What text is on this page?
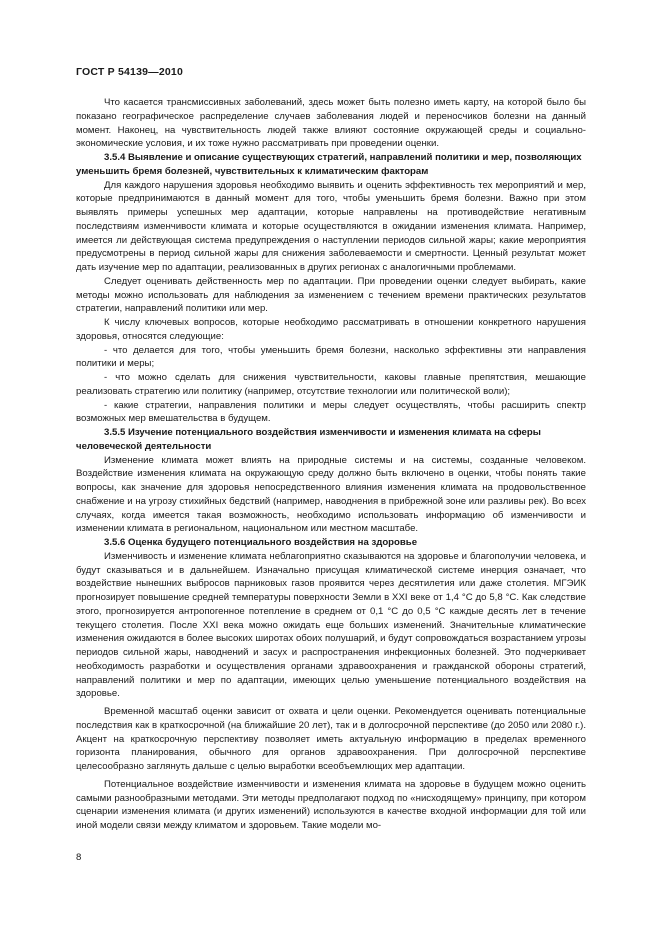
ГОСТ Р 54139—2010

Что касается трансмиссивных заболеваний, здесь может быть полезно иметь карту, на которой было бы показано географическое распределение случаев заболевания людей и переносчиков болезни на данный момент. Наконец, на чувствительность людей также влияют состояние окружающей среды и социально-экономические условия, и их тоже нужно рассматривать при проведении оценки.

3.5.4 Выявление и описание существующих стратегий, направлений политики и мер, позволяющих уменьшить бремя болезней, чувствительных к климатическим факторам

Для каждого нарушения здоровья необходимо выявить и оценить эффективность тех мероприятий и мер, которые предпринимаются в данный момент для того, чтобы уменьшить бремя болезни. Важно при этом выявлять примеры успешных мер адаптации, которые направлены на противодействие негативным последствиям изменчивости климата и которые осуществляются в ожидании изменения климата. Например, имеется ли действующая система предупреждения о наступлении периодов сильной жары; какие мероприятия предусмотрены в период сильной жары для снижения заболеваемости и смертности. Ценный результат может дать изучение мер по адаптации, реализованных в других регионах с аналогичными проблемами.

Следует оценивать действенность мер по адаптации. При проведении оценки следует выбирать, какие методы можно использовать для наблюдения за изменением с течением времени практических результатов стратегии, направлений политики или мер.

К числу ключевых вопросов, которые необходимо рассматривать в отношении конкретного нарушения здоровья, относятся следующие:

- что делается для того, чтобы уменьшить бремя болезни, насколько эффективны эти направления политики и меры;

- что можно сделать для снижения чувствительности, каковы главные препятствия, мешающие реализовать стратегию или политику (например, отсутствие технологии или политической воли);

- какие стратегии, направления политики и меры следует осуществлять, чтобы расширить спектр возможных мер вмешательства в будущем.

3.5.5 Изучение потенциального воздействия изменчивости и изменения климата на сферы человеческой деятельности

Изменение климата может влиять на природные системы и на системы, созданные человеком. Воздействие изменения климата на окружающую среду должно быть включено в оценки, чтобы понять такие вопросы, как значение для здоровья непосредственного влияния изменения климата на продовольственное снабжение и на угрозу стихийных бедствий (например, наводнения в прибрежной зоне или разливы рек). Во всех случаях, когда имеется такая возможность, необходимо использовать информацию об изменчивости и изменении климата в региональном, национальном или местном масштабе.

3.5.6 Оценка будущего потенциального воздействия на здоровье

Изменчивость и изменение климата неблагоприятно сказываются на здоровье и благополучии человека, и будут сказываться и в дальнейшем. Изначально присущая климатической системе инерция означает, что воздействие нынешних выбросов парниковых газов проявится через десятилетия или даже столетия. МГЭИК прогнозирует повышение средней температуры поверхности Земли в XXI веке от 1,4 °С до 5,8 °С. Как следствие этого, прогнозируется антропогенное потепление в среднем от 0,1 °С до 0,5 °С каждые десять лет в течение текущего столетия. После XXI века можно ожидать еще больших изменений. Значительные климатические изменения ожидаются в более высоких широтах обоих полушарий, и будут сопровождаться возрастанием угрозы периодов сильной жары, наводнений и засух и распространения инфекционных болезней. Это подчеркивает необходимость разработки и осуществления органами здравоохранения и гражданской обороны стратегий, направлений политики и мер по адаптации, имеющих целью уменьшение потенциального воздействия на здоровье.

Временной масштаб оценки зависит от охвата и цели оценки. Рекомендуется оценивать потенциальные последствия как в краткосрочной (на ближайшие 20 лет), так и в долгосрочной перспективе (до 2050 или 2080 г.). Акцент на краткосрочную перспективу позволяет иметь актуальную информацию в пределах временного горизонта планирования, обычного для органов здравоохранения. При долгосрочной перспективе целесообразно заглянуть дальше с целью выработки всеобъемлющих мер адаптации.

Потенциальное воздействие изменчивости и изменения климата на здоровье в будущем можно оценить самыми разнообразными методами. Эти методы предполагают подход по «нисходящему» принципу, при котором сценарии изменения климата (и других изменений) используются в качестве входной информации для той или иной модели связи между климатом и здоровьем. Такие модели мо-

8
